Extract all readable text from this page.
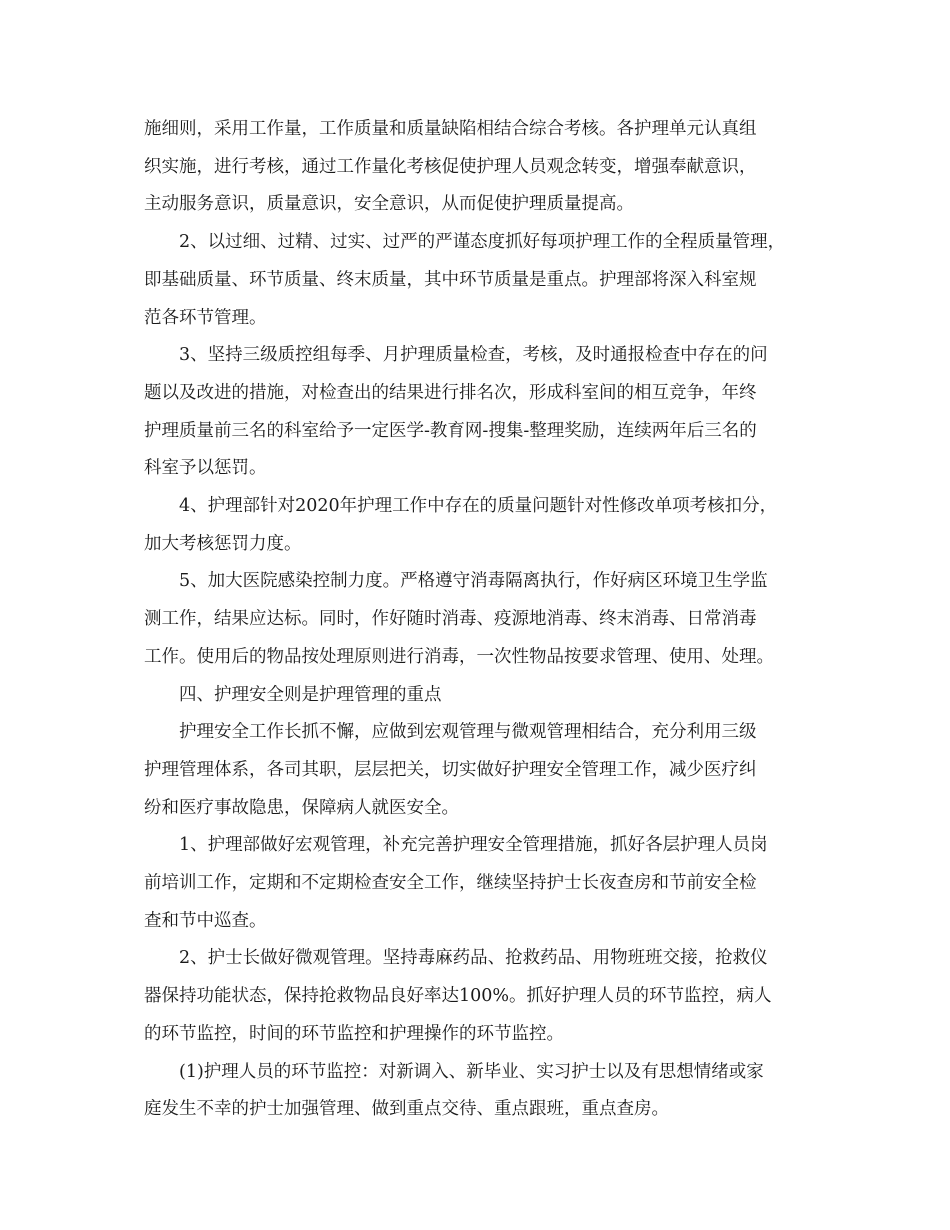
施细则，采用工作量，工作质量和质量缺陷相结合综合考核。各护理单元认真组
织实施，进行考核，通过工作量化考核促使护理人员观念转变，增强奉献意识，
主动服务意识，质量意识，安全意识，从而促使护理质量提高。

2、以过细、过精、过实、过严的严谨态度抓好每项护理工作的全程质量管理，
即基础质量、环节质量、终末质量，其中环节质量是重点。护理部将深入科室规
范各环节管理。

3、坚持三级质控组每季、月护理质量检查，考核，及时通报检查中存在的问
题以及改进的措施，对检查出的结果进行排名次，形成科室间的相互竞争，年终
护理质量前三名的科室给予一定医学-教育网-搜集-整理奖励，连续两年后三名的
科室予以惩罚。

4、护理部针对2020年护理工作中存在的质量问题针对性修改单项考核扣分，
加大考核惩罚力度。

5、加大医院感染控制力度。严格遵守消毒隔离执行，作好病区环境卫生学监
测工作，结果应达标。同时，作好随时消毒、疫源地消毒、终末消毒、日常消毒
工作。使用后的物品按处理原则进行消毒，一次性物品按要求管理、使用、处理。

四、护理安全则是护理管理的重点

护理安全工作长抓不懈，应做到宏观管理与微观管理相结合，充分利用三级
护理管理体系，各司其职，层层把关，切实做好护理安全管理工作，减少医疗纠
纷和医疗事故隐患，保障病人就医安全。

1、护理部做好宏观管理，补充完善护理安全管理措施，抓好各层护理人员岗
前培训工作，定期和不定期检查安全工作，继续坚持护士长夜查房和节前安全检
查和节中巡查。

2、护士长做好微观管理。坚持毒麻药品、抢救药品、用物班班交接，抢救仪
器保持功能状态，保持抢救物品良好率达100%。抓好护理人员的环节监控，病人
的环节监控，时间的环节监控和护理操作的环节监控。

(1)护理人员的环节监控：对新调入、新毕业、实习护士以及有思想情绪或家
庭发生不幸的护士加强管理、做到重点交待、重点跟班，重点查房。
